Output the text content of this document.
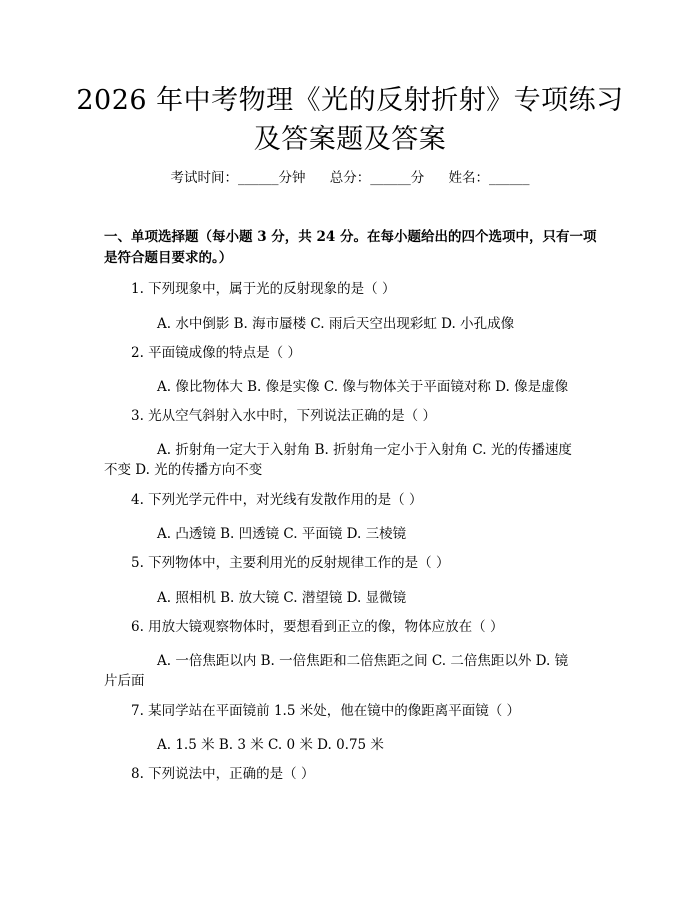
2026 年中考物理《光的反射折射》专项练习
及答案题及答案
考试时间：______分钟 总分：______分 姓名：______
一、单项选择题（每小题 3 分，共 24 分。在每小题给出的四个选项中，只有一项
是符合题目要求的。）
1. 下列现象中，属于光的反射现象的是（ ）
A. 水中倒影 B. 海市蜃楼 C. 雨后天空出现彩虹 D. 小孔成像
2. 平面镜成像的特点是（ ）
A. 像比物体大 B. 像是实像 C. 像与物体关于平面镜对称 D. 像是虚像
3. 光从空气斜射入水中时，下列说法正确的是（ ）
A. 折射角一定大于入射角 B. 折射角一定小于入射角 C. 光的传播速度
不变 D. 光的传播方向不变
4. 下列光学元件中，对光线有发散作用的是（ ）
A. 凸透镜 B. 凹透镜 C. 平面镜 D. 三棱镜
5. 下列物体中，主要利用光的反射规律工作的是（ ）
A. 照相机 B. 放大镜 C. 潜望镜 D. 显微镜
6. 用放大镜观察物体时，要想看到正立的像，物体应放在（ ）
A. 一倍焦距以内 B. 一倍焦距和二倍焦距之间 C. 二倍焦距以外 D. 镜
片后面
7. 某同学站在平面镜前 1.5 米处，他在镜中的像距离平面镜（ ）
A. 1.5 米 B. 3 米 C. 0 米 D. 0.75 米
8. 下列说法中，正确的是（ ）
